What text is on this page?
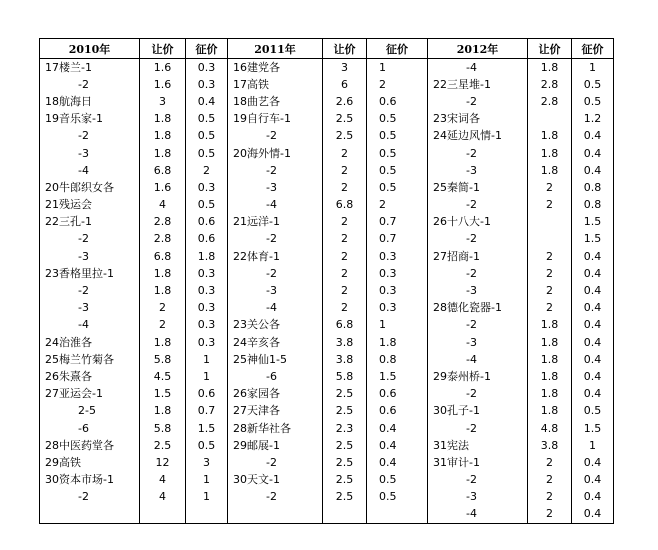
2010年	让价	征价	2011年	让价	征价	2012年	让价	征价
17楼兰-1	1.6	0.3	16建党各	3	1	-4	1.8	1
-2	1.6	0.3	17高铁	6	2	22三星堆-1	2.8	0.5
18航海日	3	0.4	18曲艺各	2.6	0.6	-2	2.8	0.5
19音乐家-1	1.8	0.5	19自行车-1	2.5	0.5	23宋词各		1.2
-2	1.8	0.5	-2	2.5	0.5	24延边风情-1	1.8	0.4
-3	1.8	0.5	20海外情-1	2	0.5	-2	1.8	0.4
-4	6.8	2	-2	2	0.5	-3	1.8	0.4
20牛郎织女各	1.6	0.3	-3	2	0.5	25秦简-1	2	0.8
21残运会	4	0.5	-4	6.8	2	-2	2	0.8
22三孔-1	2.8	0.6	21远洋-1	2	0.7	26十八大-1		1.5
-2	2.8	0.6	-2	2	0.7	-2		1.5
-3	6.8	1.8	22体育-1	2	0.3	27招商-1	2	0.4
23香格里拉-1	1.8	0.3	-2	2	0.3	-2	2	0.4
-2	1.8	0.3	-3	2	0.3	-3	2	0.4
-3	2	0.3	-4	2	0.3	28德化瓷器-1	2	0.4
-4	2	0.3	23关公各	6.8	1	-2	1.8	0.4
24治淮各	1.8	0.3	24辛亥各	3.8	1.8	-3	1.8	0.4
25梅兰竹菊各	5.8	1	25神仙1-5	3.8	0.8	-4	1.8	0.4
26朱熹各	4.5	1	-6	5.8	1.5	29泰州桥-1	1.8	0.4
27亚运会-1	1.5	0.6	26家园各	2.5	0.6	-2	1.8	0.4
2-5	1.8	0.7	27天津各	2.5	0.6	30孔子-1	1.8	0.5
-6	5.8	1.5	28新华社各	2.3	0.4	-2	4.8	1.5
28中医药堂各	2.5	0.5	29邮展-1	2.5	0.4	31宪法	3.8	1
29高铁	12	3	-2	2.5	0.4	31审计-1	2	0.4
30资本市场-1	4	1	30天文-1	2.5	0.5	-2	2	0.4
-2	4	1	-2	2.5	0.5	-3	2	0.4
						-4	2	0.4
